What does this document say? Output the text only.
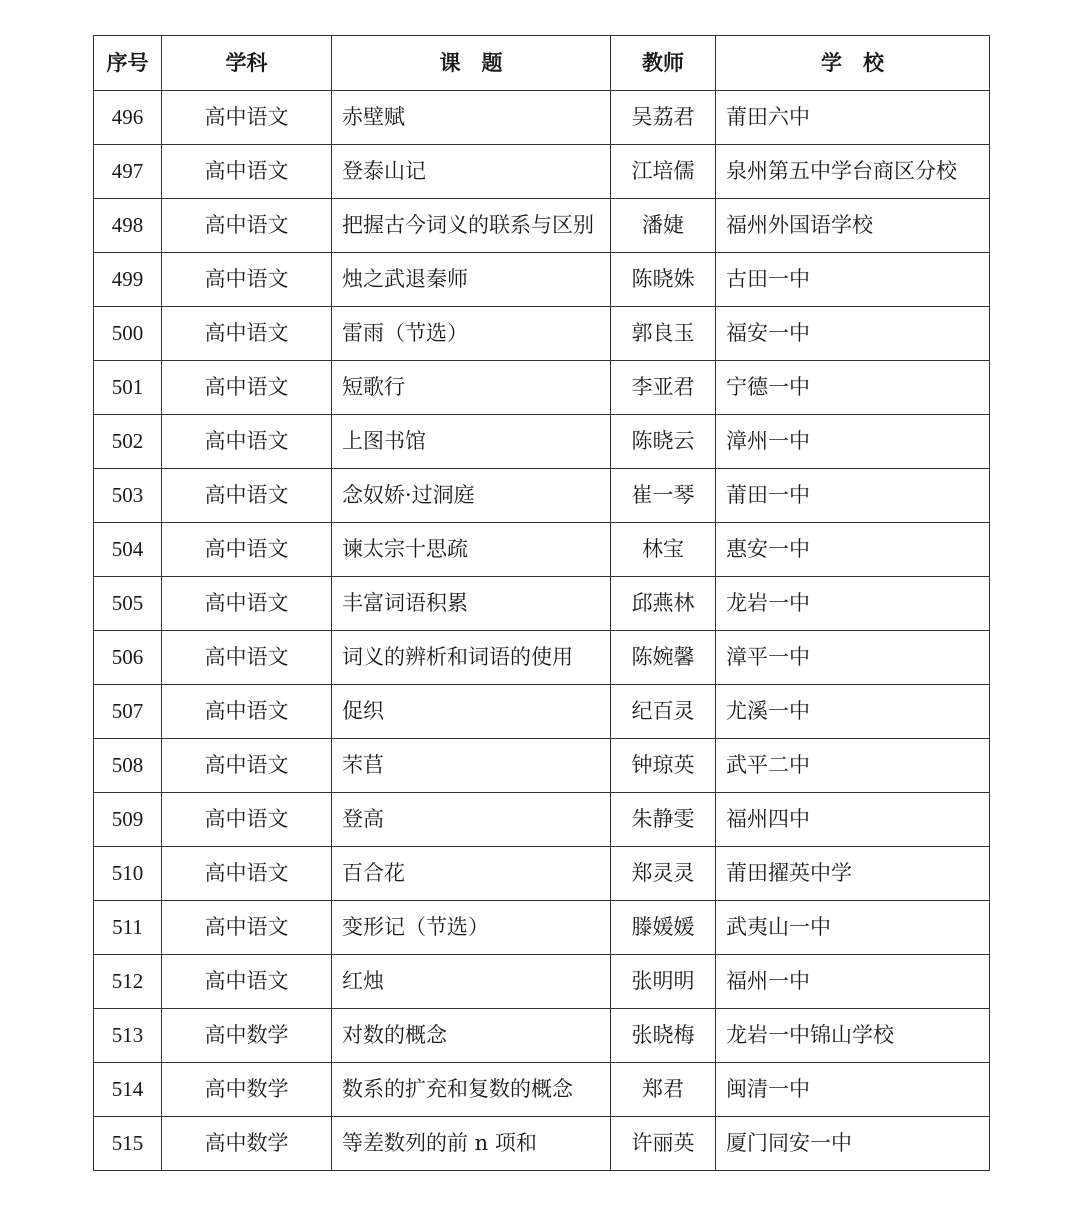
序号	学科	课　题	教师	学　校
496	高中语文	赤壁赋	吴荔君	莆田六中
497	高中语文	登泰山记	江培儒	泉州第五中学台商区分校
498	高中语文	把握古今词义的联系与区别	潘婕	福州外国语学校
499	高中语文	烛之武退秦师	陈晓姝	古田一中
500	高中语文	雷雨（节选）	郭良玉	福安一中
501	高中语文	短歌行	李亚君	宁德一中
502	高中语文	上图书馆	陈晓云	漳州一中
503	高中语文	念奴娇·过洞庭	崔一琴	莆田一中
504	高中语文	谏太宗十思疏	林宝	惠安一中
505	高中语文	丰富词语积累	邱燕林	龙岩一中
506	高中语文	词义的辨析和词语的使用	陈婉馨	漳平一中
507	高中语文	促织	纪百灵	尤溪一中
508	高中语文	芣苢	钟琼英	武平二中
509	高中语文	登高	朱静雯	福州四中
510	高中语文	百合花	郑灵灵	莆田擢英中学
511	高中语文	变形记（节选）	滕媛媛	武夷山一中
512	高中语文	红烛	张明明	福州一中
513	高中数学	对数的概念	张晓梅	龙岩一中锦山学校
514	高中数学	数系的扩充和复数的概念	郑君	闽清一中
515	高中数学	等差数列的前 n 项和	许丽英	厦门同安一中
